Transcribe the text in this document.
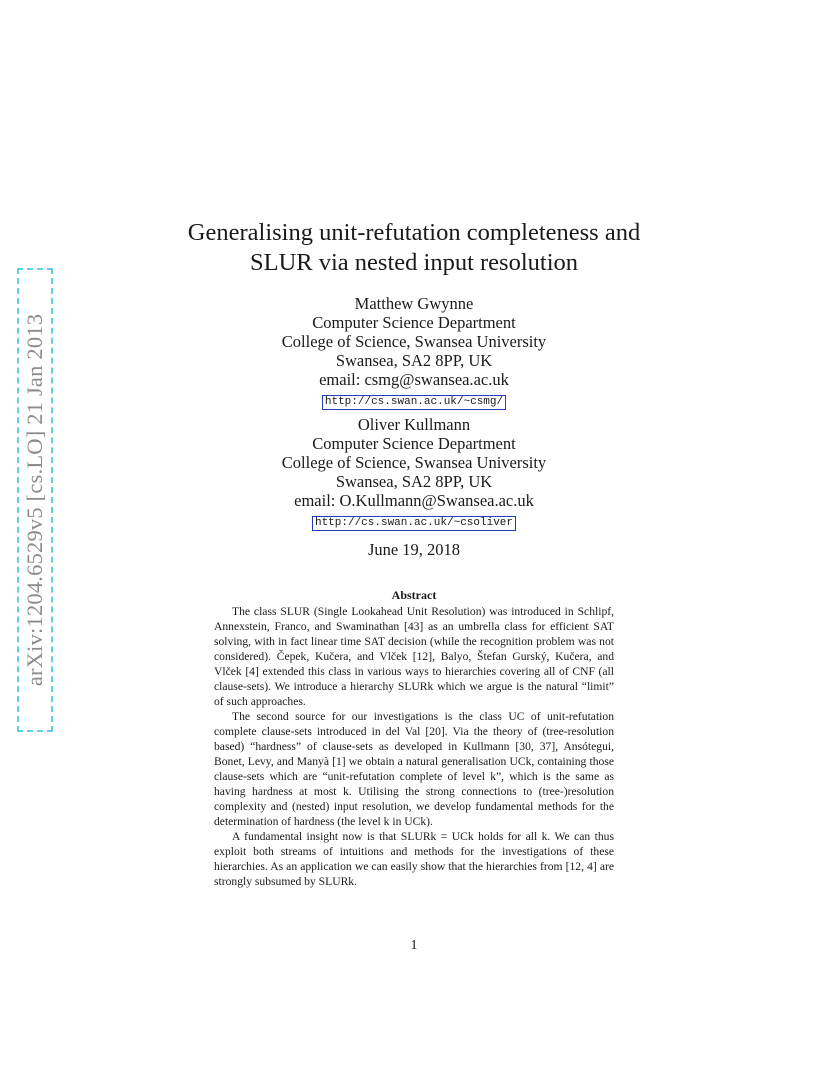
arXiv:1204.6529v5 [cs.LO] 21 Jan 2013
Generalising unit-refutation completeness and
SLUR via nested input resolution
Matthew Gwynne
Computer Science Department
College of Science, Swansea University
Swansea, SA2 8PP, UK
email: csmg@swansea.ac.uk
http://cs.swan.ac.uk/~csmg/
Oliver Kullmann
Computer Science Department
College of Science, Swansea University
Swansea, SA2 8PP, UK
email: O.Kullmann@Swansea.ac.uk
http://cs.swan.ac.uk/~csoliver
June 19, 2018
Abstract

The class SLUR (Single Lookahead Unit Resolution) was introduced in Schlipf, Annexstein, Franco, and Swaminathan [43] as an umbrella class for efficient SAT solving, with in fact linear time SAT decision (while the recognition problem was not considered). Čepek, Kučera, and Vlček [12], Balyo, Štefan Gurský, Kučera, and Vlček [4] extended this class in various ways to hierarchies covering all of CNF (all clause-sets). We introduce a hierarchy SLURk which we argue is the natural “limit” of such approaches.

The second source for our investigations is the class UC of unit-refutation complete clause-sets introduced in del Val [20]. Via the theory of (tree-resolution based) “hardness” of clause-sets as developed in Kullmann [30, 37], Ansótegui, Bonet, Levy, and Manyà [1] we obtain a natural generalisation UCk, containing those clause-sets which are “unit-refutation complete of level k”, which is the same as having hardness at most k. Utilising the strong connections to (tree-)resolution complexity and (nested) input resolution, we develop fundamental methods for the determination of hardness (the level k in UCk).

A fundamental insight now is that SLURk = UCk holds for all k. We can thus exploit both streams of intuitions and methods for the investigations of these hierarchies. As an application we can easily show that the hierarchies from [12, 4] are strongly subsumed by SLURk.

1
